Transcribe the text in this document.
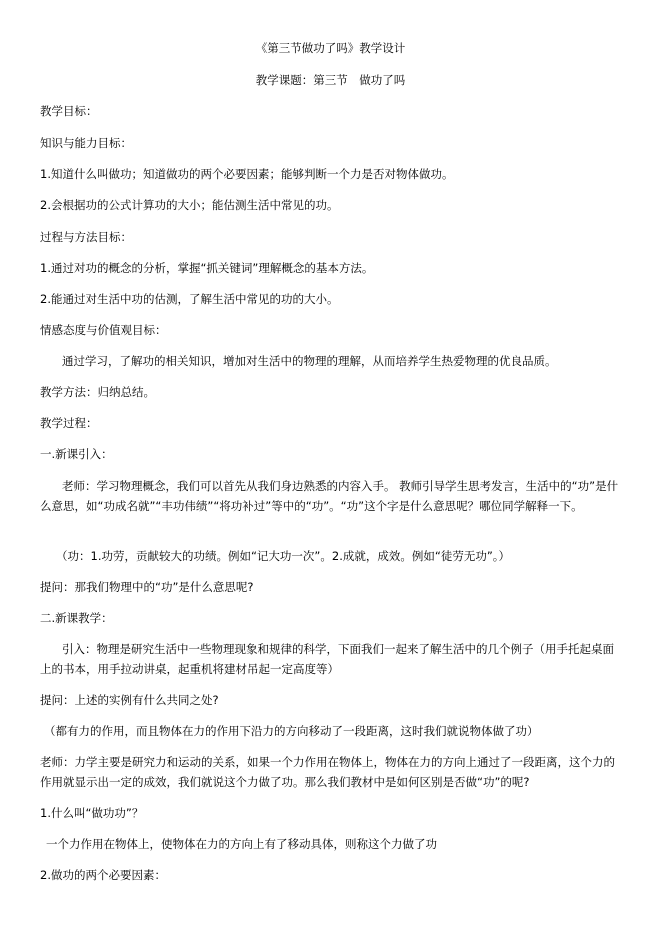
《第三节做功了吗》教学设计
教学课题：第三节　做功了吗
教学目标：
知识与能力目标：
1.知道什么叫做功；知道做功的两个必要因素；能够判断一个力是否对物体做功。
2.会根据功的公式计算功的大小；能估测生活中常见的功。
过程与方法目标：
1.通过对功的概念的分析，掌握“抓关键词”理解概念的基本方法。
2.能通过对生活中功的估测，了解生活中常见的功的大小。
情感态度与价值观目标：
通过学习，了解功的相关知识，增加对生活中的物理的理解，从而培养学生热爱物理的优良品质。
教学方法：归纳总结。
教学过程：
一.新课引入：
老师：学习物理概念，我们可以首先从我们身边熟悉的内容入手。 教师引导学生思考发言，生活中的“功”是什么意思，如“功成名就”“丰功伟绩”“将功补过”等中的“功”。“功”这个字是什么意思呢？哪位同学解释一下。
（功：1.功劳，贡献较大的功绩。例如“记大功一次”。2.成就，成效。例如“徒劳无功”。）
提问：那我们物理中的“功”是什么意思呢?
二.新课教学：
引入：物理是研究生活中一些物理现象和规律的科学，下面我们一起来了解生活中的几个例子（用手托起桌面上的书本，用手拉动讲桌，起重机将建材吊起一定高度等）
提问：上述的实例有什么共同之处?
（都有力的作用，而且物体在力的作用下沿力的方向移动了一段距离，这时我们就说物体做了功）
老师：力学主要是研究力和运动的关系，如果一个力作用在物体上，物体在力的方向上通过了一段距离，这个力的作用就显示出一定的成效，我们就说这个力做了功。那么我们教材中是如何区别是否做“功”的呢?
1.什么叫“做功功”？
一个力作用在物体上，使物体在力的方向上有了移动具体，则称这个力做了功
2.做功的两个必要因素：
